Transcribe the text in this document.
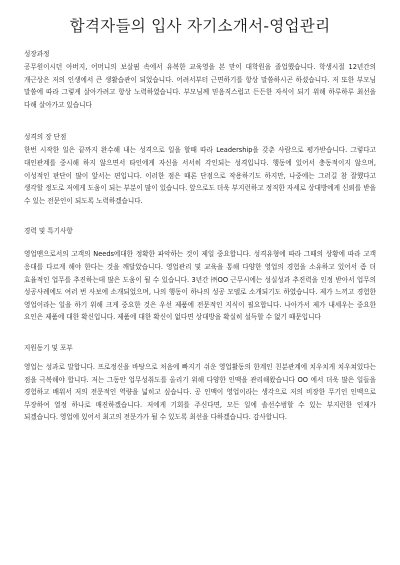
합격자들의 입사 자기소개서-영업관리

성장과정

공무원이시던 아버지, 어머니의 보살핌 속에서 유복한 교육영을 본 맏이 대학원을 졸업했습니다. 학생시절 12년간의 개근상은 저의 인생에서 큰 생활습관이 되었습니다. 어려서부터 근면하기를 항상 말씀하시곤 하셨습니다. 저 또한 부모님 말씀에 따라 그렇게 살아가려고 항상 노력하였습니다. 부모님께 믿음직스럽고 든든한 자식이 되기 위해 하루하루 최선을 다해 살아가고 있습니다

성격의 장 단점

한번 시작한 일은 끝까지 완수해 내는 성격으로 일을 할때 따라 Leadership을 갖춘 사람으로 평가받습니다. 그렇다고 대인관계를 중시해 하지 않으면서 타인에게 자신을 서서히 각인되는 성격입니다. 행동에 있어서 충동적이지 않으며, 이성적인 판단이 많이 앞서는 편입니다. 이러한 점은 때론 단점으로 작용하기도 하지만, 나중에는 그러길 참 잘했다고 생각할 정도로 저에게 도움이 되는 부분이 많이 있습니다. 앞으로도 더욱 부지런하고 정직한 자세로 상대방에게 신뢰를 받을 수 있는 전문인이 되도록 노력하겠습니다.

경력 및 특기사항

영업맨으로서의 고객의 Needs에대한 정확한 파악하는 것이 제일 중요합니다. 성격유형에 따라 그때의 상황에 따라 고객 응대를 다르게 해야 한다는 것을 깨달았습니다. 영업관리 및 교육을 통해 다양한 영업의 경험을 소유하고 있어서 좀 더 효율적인 업무를 추진하는데 많은 도움이 될 수 있습니다. 3년간 ㈜OO 근무시에는 성실성과 추진력을 인정 받아서 업무의 성공사례에도 여러 번 사보에 소개되었으며, 나의 행동이 하나의 성공 모델로 소개되기도 하였습니다. 제가 느끼고 경험한 영업이라는 일을 하기 위해 크게 중요한 것은 우선 제품에 전문적인 지식이 필요합니다. 나아가서 제가 내세우는 중요한 요인은 제품에 대한 확신입니다. 제품에 대한 확신이 없다면 상대방을 확실히 설득할 수 없기 때문입니다

지원동기 및 포부

영업는 성과로 말합니다. 프로정신을 바탕으로 처음에 빠지기 쉬운 영업활동의 한계인 친분관계에 치우치게 치우쳐있다는 점을 극복해야 합니다. 저는 그동안 업무성취도를 올리기 위해 다양한 인맥을 관리해왔습니다 OO 에서 더욱 많은 일들을 경험하고 배워서 저의 전문적인 역량을 넓히고 싶습니다. 공 인맥이 영업이라는 생각으로 저의 비장한 무기인 인맥으로 무장하여 열정 하나로 매진하겠습니다. 저에게 기회를 주신다면, 모든 일에 솔선수범할 수 있는 부지런한 인재가 되겠습니다. 영업에 있어서 최고의 전문가가 될 수 있도록 최선을 다하겠습니다. 감사합니다.
